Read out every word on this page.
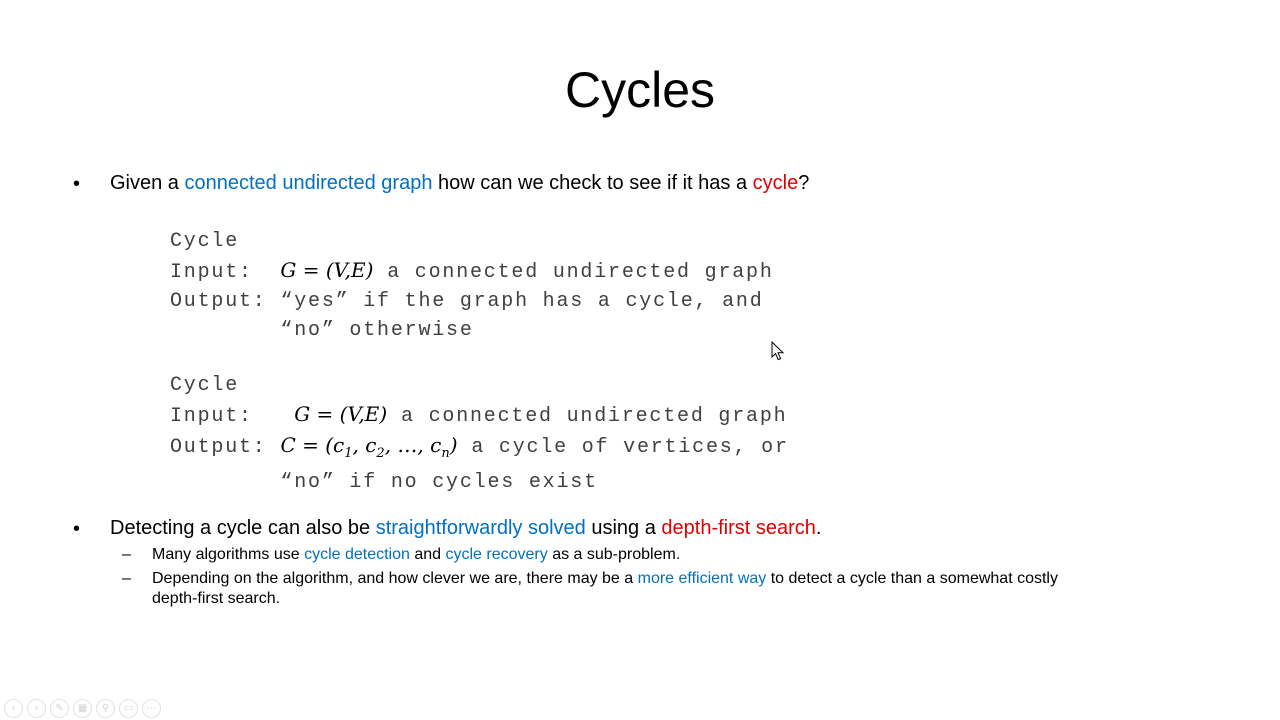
Cycles
• Given a connected undirected graph how can we check to see if it has a cycle?
Cycle
Input: G = (V,E) a connected undirected graph
Output: “yes” if the graph has a cycle, and
“no” otherwise
Cycle
Input: G = (V,E) a connected undirected graph
Output: $C = (c_1$, $c_2$, …, $c_n$) a cycle of vertices, or
“no” if no cycles exist
• Detecting a cycle can also be straightforwardly solved using a depth-first search.
– Many algorithms use cycle detection and cycle recovery as a sub-problem.
– Depending on the algorithm, and how clever we are, there may be a more efficient way to detect a cycle than a somewhat costly
depth-first search.
‹	›	✎	▦	⚲	▭	⋯
